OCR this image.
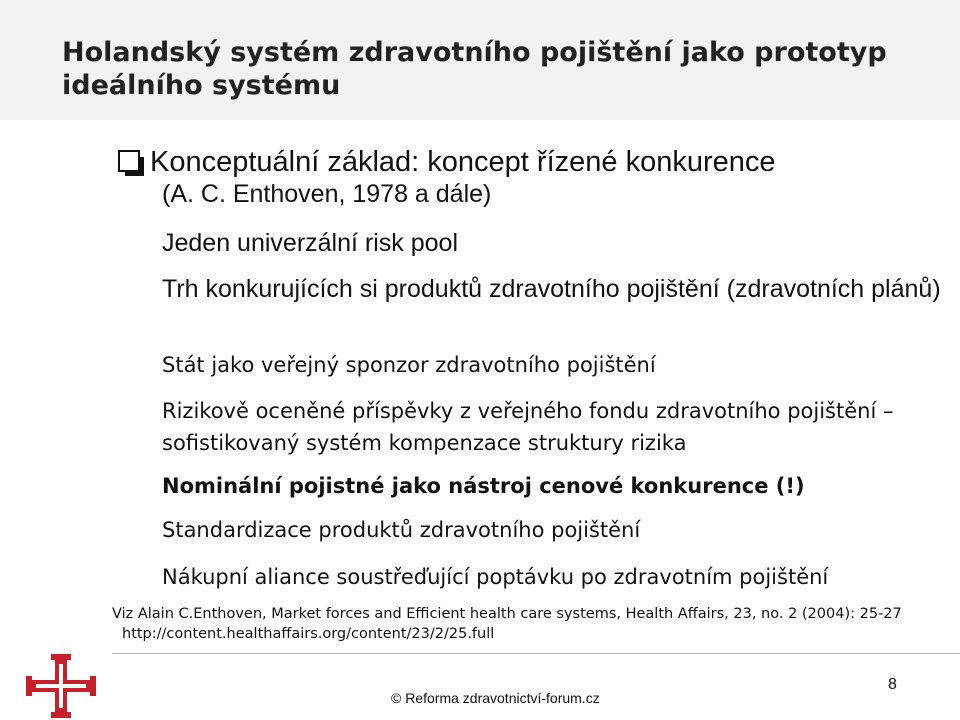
Holandský systém zdravotního pojištění jako prototyp ideálního systému
Konceptuální základ: koncept řízené konkurence
(A. C. Enthoven, 1978 a dále)
Jeden univerzální risk pool
Trh konkurujících si produktů zdravotního pojištění (zdravotních plánů)
Stát jako veřejný sponzor zdravotního pojištění
Rizikově oceněné příspěvky z veřejného fondu zdravotního pojištění – sofistikovaný systém kompenzace struktury rizika
Nominální pojistné jako nástroj cenové konkurence (!)
Standardizace produktů zdravotního pojištění
Nákupní aliance soustřeďující poptávku po zdravotním pojištění
Viz Alain C.Enthoven, Market forces and Efficient health care systems, Health Affairs, 23, no. 2 (2004): 25-27
http://content.healthaffairs.org/content/23/2/25.full
© Reforma zdravotnictví-forum.cz
8
